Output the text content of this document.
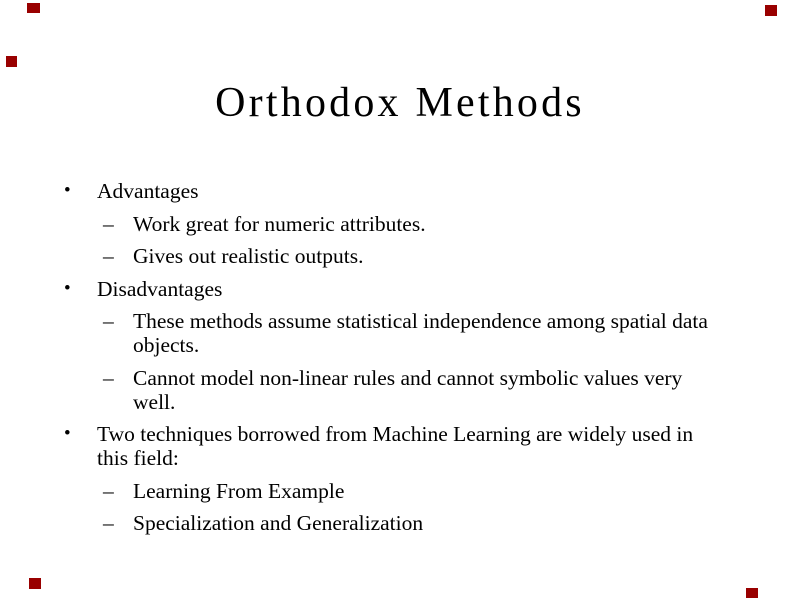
Orthodox Methods
• Advantages
– Work great for numeric attributes.
– Gives out realistic outputs.
• Disadvantages
– These methods assume statistical independence among spatial data
objects.
– Cannot model non-linear rules and cannot symbolic values very
well.
• Two techniques borrowed from Machine Learning are widely used in
this field:
– Learning From Example
– Specialization and Generalization
